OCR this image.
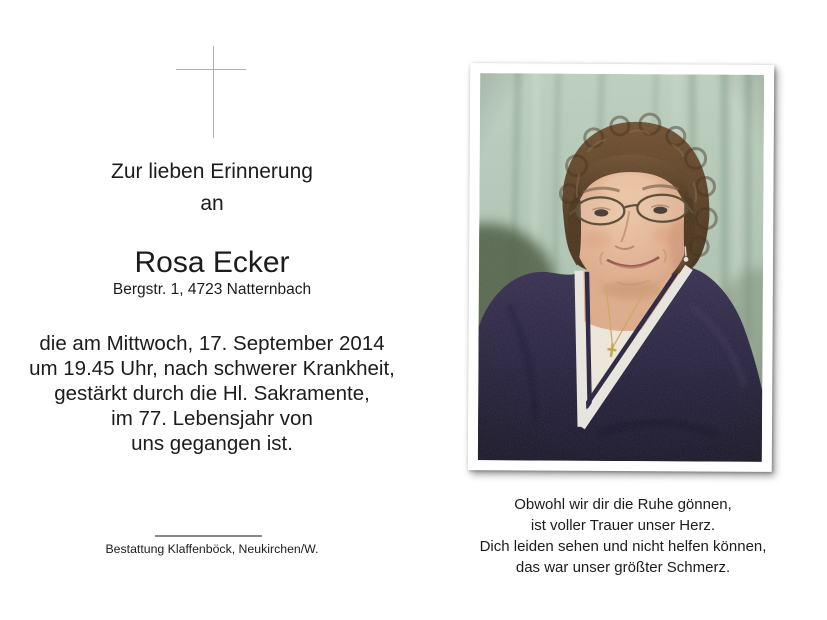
Zur lieben Erinnerung
an
Rosa Ecker
Bergstr. 1, 4723 Natternbach
die am Mittwoch, 17. September 2014
um 19.45 Uhr, nach schwerer Krankheit,
gestärkt durch die Hl. Sakramente,
im 77. Lebensjahr von
uns gegangen ist.
Bestattung Klaffenböck, Neukirchen/W.
Obwohl wir dir die Ruhe gönnen,
ist voller Trauer unser Herz.
Dich leiden sehen und nicht helfen können,
das war unser größter Schmerz.
